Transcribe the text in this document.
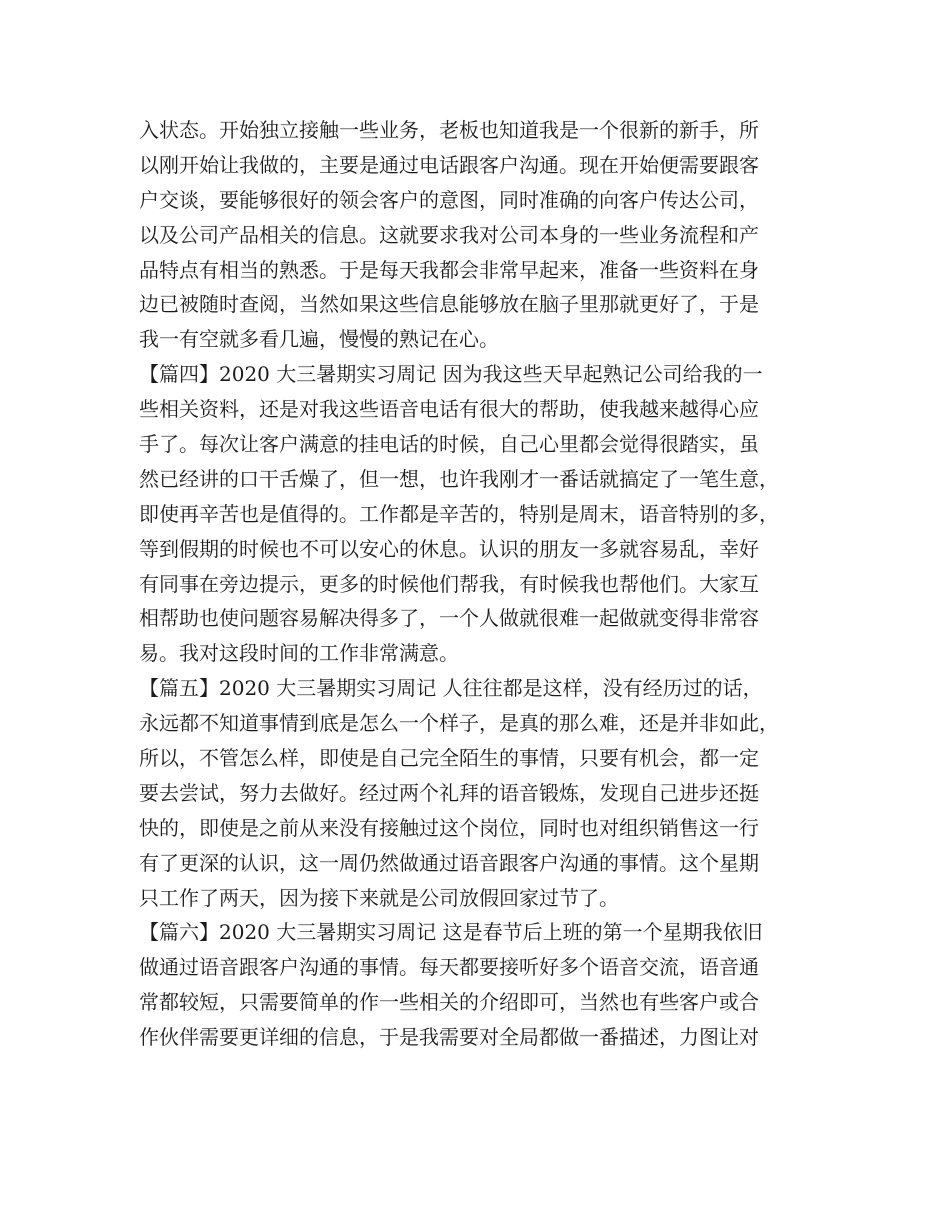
入状态。开始独立接触一些业务，老板也知道我是一个很新的新手，所
以刚开始让我做的，主要是通过电话跟客户沟通。现在开始便需要跟客
户交谈，要能够很好的领会客户的意图，同时准确的向客户传达公司，
以及公司产品相关的信息。这就要求我对公司本身的一些业务流程和产
品特点有相当的熟悉。于是每天我都会非常早起来，准备一些资料在身
边已被随时查阅，当然如果这些信息能够放在脑子里那就更好了，于是
我一有空就多看几遍，慢慢的熟记在心。
【篇四】2020 大三暑期实习周记 因为我这些天早起熟记公司给我的一
些相关资料，还是对我这些语音电话有很大的帮助，使我越来越得心应
手了。每次让客户满意的挂电话的时候，自己心里都会觉得很踏实，虽
然已经讲的口干舌燥了，但一想，也许我刚才一番话就搞定了一笔生意，
即使再辛苦也是值得的。工作都是辛苦的，特别是周末，语音特别的多，
等到假期的时候也不可以安心的休息。认识的朋友一多就容易乱，幸好
有同事在旁边提示，更多的时候他们帮我，有时候我也帮他们。大家互
相帮助也使问题容易解决得多了，一个人做就很难一起做就变得非常容
易。我对这段时间的工作非常满意。
【篇五】2020 大三暑期实习周记 人往往都是这样，没有经历过的话，
永远都不知道事情到底是怎么一个样子，是真的那么难，还是并非如此，
所以，不管怎么样，即使是自己完全陌生的事情，只要有机会，都一定
要去尝试，努力去做好。经过两个礼拜的语音锻炼，发现自己进步还挺
快的，即使是之前从来没有接触过这个岗位，同时也对组织销售这一行
有了更深的认识，这一周仍然做通过语音跟客户沟通的事情。这个星期
只工作了两天，因为接下来就是公司放假回家过节了。
【篇六】2020 大三暑期实习周记 这是春节后上班的第一个星期我依旧
做通过语音跟客户沟通的事情。每天都要接听好多个语音交流，语音通
常都较短，只需要简单的作一些相关的介绍即可，当然也有些客户或合
作伙伴需要更详细的信息，于是我需要对全局都做一番描述，力图让对
